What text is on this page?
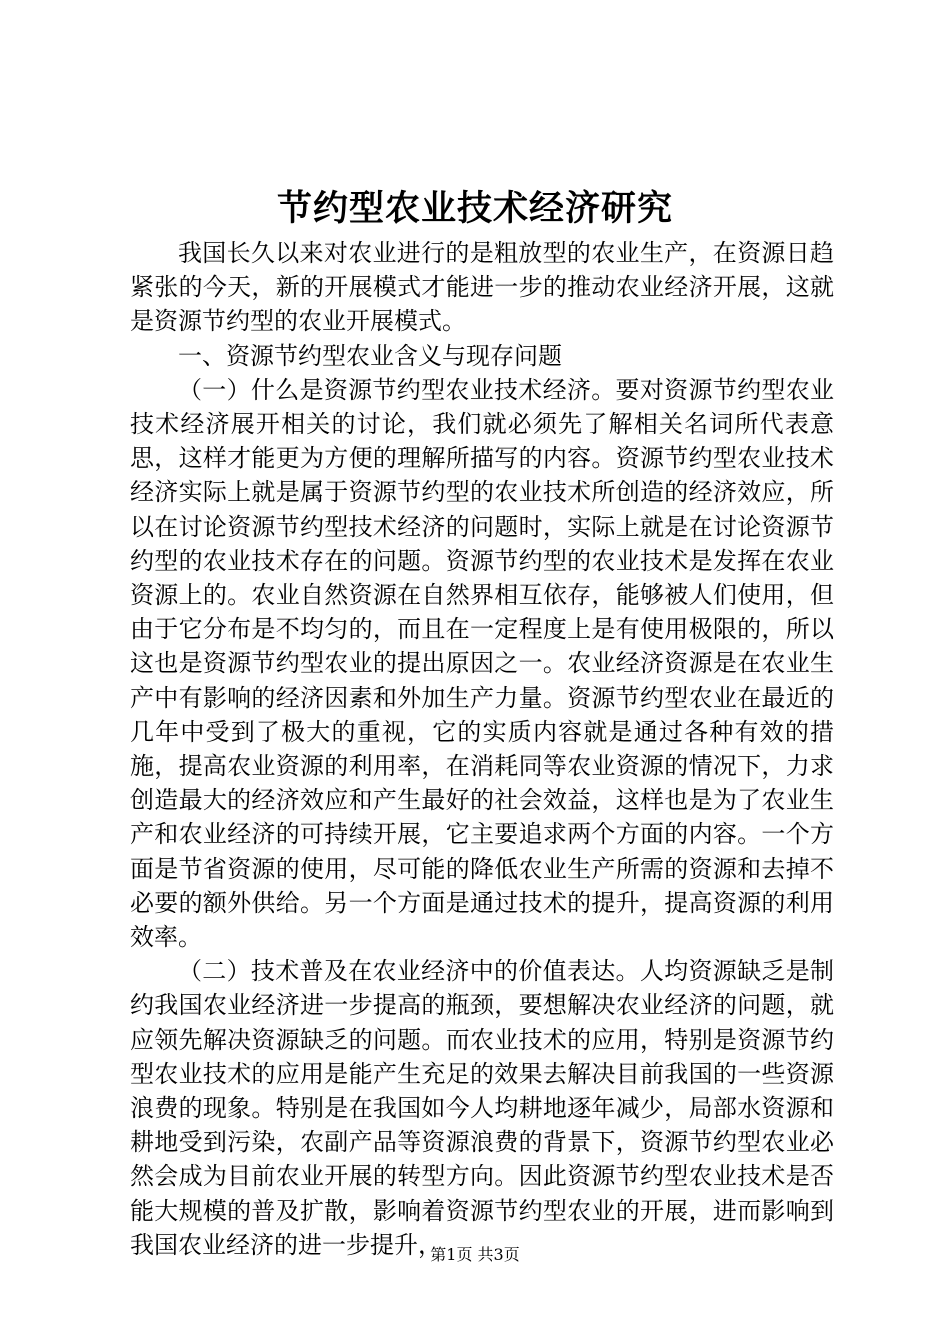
节约型农业技术经济研究

我国长久以来对农业进行的是粗放型的农业生产，在资源日趋紧张的今天，新的开展模式才能进一步的推动农业经济开展，这就是资源节约型的农业开展模式。

一、资源节约型农业含义与现存问题

（一）什么是资源节约型农业技术经济。要对资源节约型农业技术经济展开相关的讨论，我们就必须先了解相关名词所代表意思，这样才能更为方便的理解所描写的内容。资源节约型农业技术经济实际上就是属于资源节约型的农业技术所创造的经济效应，所以在讨论资源节约型技术经济的问题时，实际上就是在讨论资源节约型的农业技术存在的问题。资源节约型的农业技术是发挥在农业资源上的。农业自然资源在自然界相互依存，能够被人们使用，但由于它分布是不均匀的，而且在一定程度上是有使用极限的，所以这也是资源节约型农业的提出原因之一。农业经济资源是在农业生产中有影响的经济因素和外加生产力量。资源节约型农业在最近的几年中受到了极大的重视，它的实质内容就是通过各种有效的措施，提高农业资源的利用率，在消耗同等农业资源的情况下，力求创造最大的经济效应和产生最好的社会效益，这样也是为了农业生产和农业经济的可持续开展，它主要追求两个方面的内容。一个方面是节省资源的使用，尽可能的降低农业生产所需的资源和去掉不必要的额外供给。另一个方面是通过技术的提升，提高资源的利用效率。

（二）技术普及在农业经济中的价值表达。人均资源缺乏是制约我国农业经济进一步提高的瓶颈，要想解决农业经济的问题，就应领先解决资源缺乏的问题。而农业技术的应用，特别是资源节约型农业技术的应用是能产生充足的效果去解决目前我国的一些资源浪费的现象。特别是在我国如今人均耕地逐年减少，局部水资源和耕地受到污染，农副产品等资源浪费的背景下，资源节约型农业必然会成为目前农业开展的转型方向。因此资源节约型农业技术是否能大规模的普及扩散，影响着资源节约型农业的开展，进而影响到我国农业经济的进一步提升，

第1页 共3页
